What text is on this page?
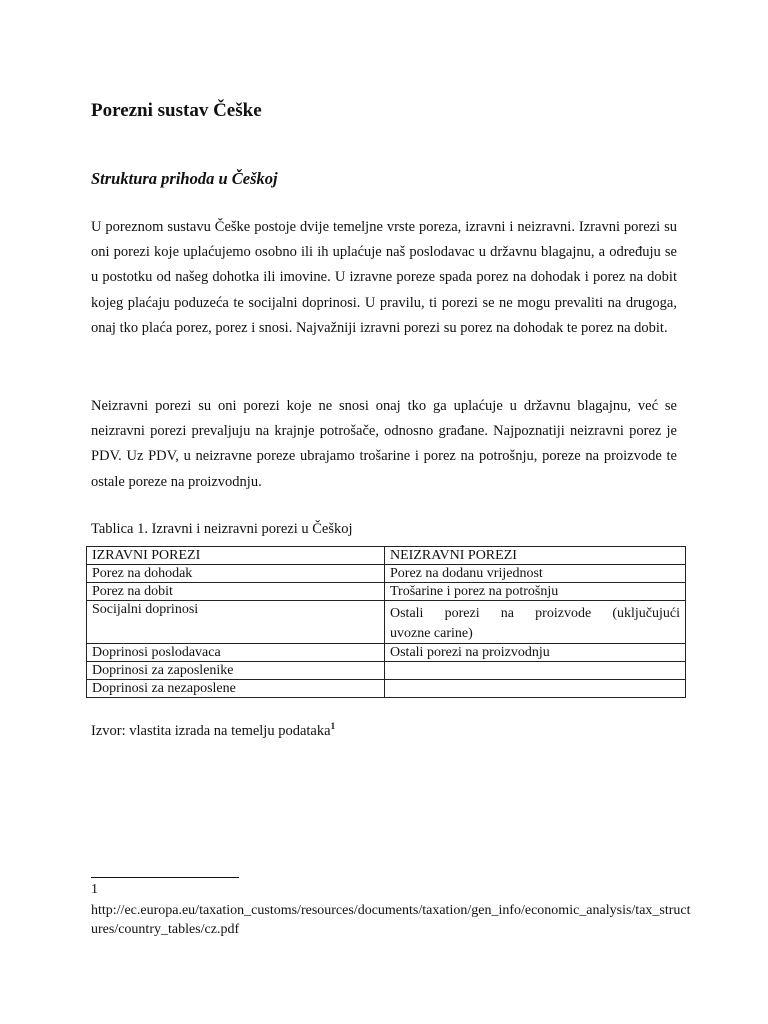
Porezni sustav Češke
Struktura prihoda u Češkoj

U poreznom sustavu Češke postoje dvije temeljne vrste poreza, izravni i neizravni. Izravni porezi su oni porezi koje uplaćujemo osobno ili ih uplaćuje naš poslodavac u državnu blagajnu, a određuju se u postotku od našeg dohotka ili imovine. U izravne poreze spada porez na dohodak i porez na dobit kojeg plaćaju poduzeća te socijalni doprinosi. U pravilu, ti porezi se ne mogu prevaliti na drugoga, onaj tko plaća porez, porez i snosi. Najvažniji izravni porezi su porez na dohodak te porez na dobit.

Neizravni porezi su oni porezi koje ne snosi onaj tko ga uplaćuje u državnu blagajnu, već se neizravni porezi prevaljuju na krajnje potrošače, odnosno građane. Najpoznatiji neizravni porez je PDV. Uz PDV, u neizravne poreze ubrajamo trošarine i porez na potrošnju, poreze na proizvode te ostale poreze na proizvodnju.

Tablica 1. Izravni i neizravni porezi u Češkoj

IZRAVNI POREZI	NEIZRAVNI POREZI
Porez na dohodak	Porez na dodanu vrijednost
Porez na dobit	Trošarine i porez na potrošnju
Socijalni doprinosi	Ostali porezi na proizvode (uključujući
uvozne carine)

Doprinosi poslodavaca	Ostali porezi na proizvodnju
Doprinosi za zaposlenike	
Doprinosi za nezaposlene	

Izvor: vlastita izrada na temelju podataka$^1$

1

http://ec.europa.eu/taxation_customs/resources/documents/taxation/gen_info/economic_analysis/tax_structures/country_tables/cz.pdf
